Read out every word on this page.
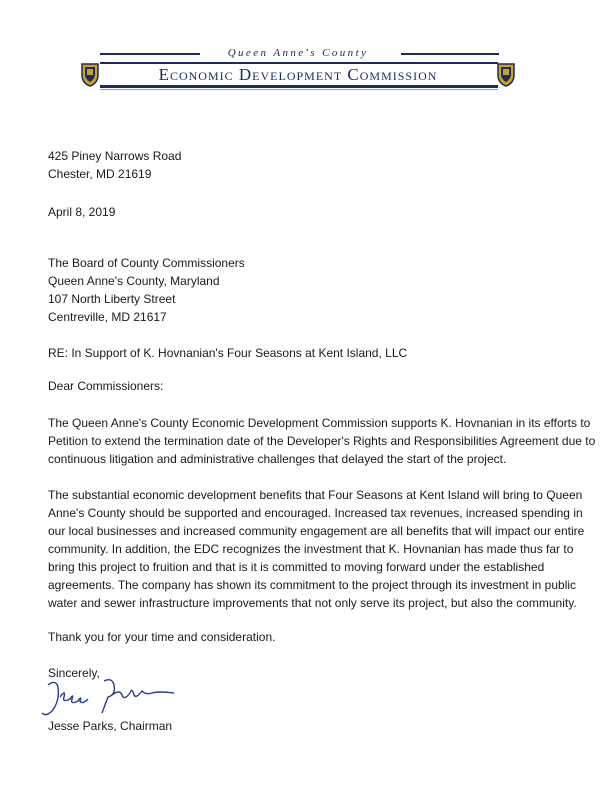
Queen Anne's County
Economic Development Commission
425 Piney Narrows Road
Chester, MD 21619
April 8, 2019
The Board of County Commissioners
Queen Anne's County, Maryland
107 North Liberty Street
Centreville, MD 21617
RE: In Support of K. Hovnanian's Four Seasons at Kent Island, LLC
Dear Commissioners:
The Queen Anne's County Economic Development Commission supports K. Hovnanian in its efforts to Petition to extend the termination date of the Developer's Rights and Responsibilities Agreement due to continuous litigation and administrative challenges that delayed the start of the project.
The substantial economic development benefits that Four Seasons at Kent Island will bring to Queen Anne's County should be supported and encouraged. Increased tax revenues, increased spending in our local businesses and increased community engagement are all benefits that will impact our entire community. In addition, the EDC recognizes the investment that K. Hovnanian has made thus far to bring this project to fruition and that is it is committed to moving forward under the established agreements. The company has shown its commitment to the project through its investment in public water and sewer infrastructure improvements that not only serve its project, but also the community.
Thank you for your time and consideration.
Sincerely,
Jesse Parks, Chairman
